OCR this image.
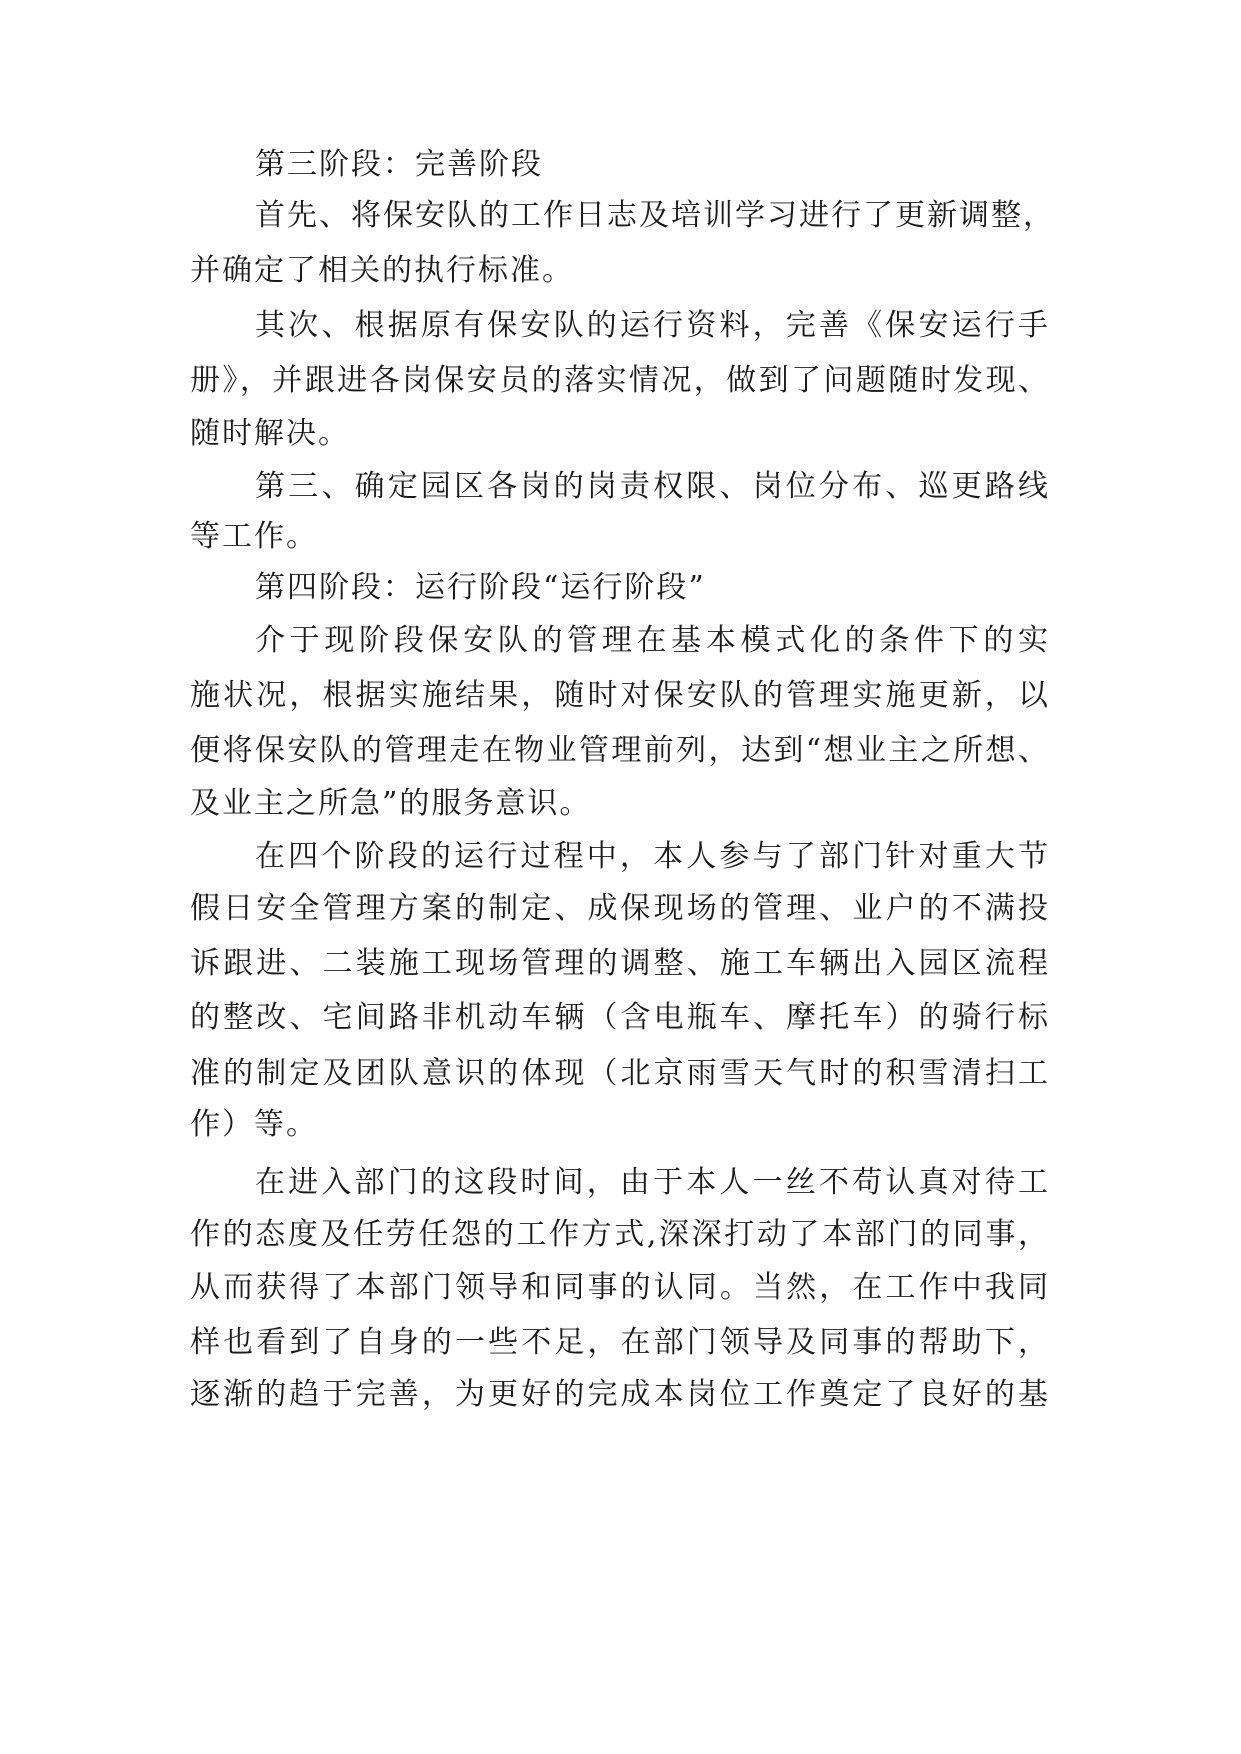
第三阶段：完善阶段
首先、将保安队的工作日志及培训学习进行了更新调整，
并确定了相关的执行标准。
其次、根据原有保安队的运行资料，完善《保安运行手
册》，并跟进各岗保安员的落实情况，做到了问题随时发现、
随时解决。
第三、确定园区各岗的岗责权限、岗位分布、巡更路线
等工作。
第四阶段：运行阶段“运行阶段”
介于现阶段保安队的管理在基本模式化的条件下的实
施状况，根据实施结果，随时对保安队的管理实施更新，以
便将保安队的管理走在物业管理前列，达到“想业主之所想、
及业主之所急”的服务意识。
在四个阶段的运行过程中，本人参与了部门针对重大节
假日安全管理方案的制定、成保现场的管理、业户的不满投
诉跟进、二装施工现场管理的调整、施工车辆出入园区流程
的整改、宅间路非机动车辆（含电瓶车、摩托车）的骑行标
准的制定及团队意识的体现（北京雨雪天气时的积雪清扫工
作）等。
在进入部门的这段时间，由于本人一丝不苟认真对待工
作的态度及任劳任怨的工作方式,深深打动了本部门的同事，
从而获得了本部门领导和同事的认同。当然，在工作中我同
样也看到了自身的一些不足，在部门领导及同事的帮助下，
逐渐的趋于完善，为更好的完成本岗位工作奠定了良好的基
